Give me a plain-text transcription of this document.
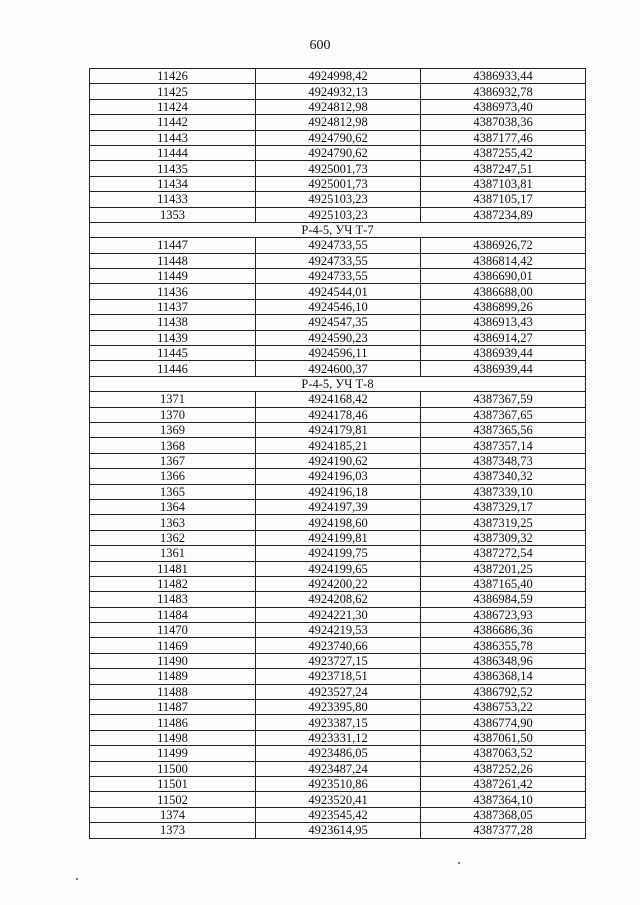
600
11426	4924998,42	4386933,44
11425	4924932,13	4386932,78
11424	4924812,98	4386973,40
11442	4924812,98	4387038,36
11443	4924790,62	4387177,46
11444	4924790,62	4387255,42
11435	4925001,73	4387247,51
11434	4925001,73	4387103,81
11433	4925103,23	4387105,17
1353	4925103,23	4387234,89
Р-4-5, УЧ Т-7		
11447	4924733,55	4386926,72
11448	4924733,55	4386814,42
11449	4924733,55	4386690,01
11436	4924544,01	4386688,00
11437	4924546,10	4386899,26
11438	4924547,35	4386913,43
11439	4924590,23	4386914,27
11445	4924596,11	4386939,44
11446	4924600,37	4386939,44
Р-4-5, УЧ Т-8		
1371	4924168,42	4387367,59
1370	4924178,46	4387367,65
1369	4924179,81	4387365,56
1368	4924185,21	4387357,14
1367	4924190,62	4387348,73
1366	4924196,03	4387340,32
1365	4924196,18	4387339,10
1364	4924197,39	4387329,17
1363	4924198,60	4387319,25
1362	4924199,81	4387309,32
1361	4924199,75	4387272,54
11481	4924199,65	4387201,25
11482	4924200,22	4387165,40
11483	4924208,62	4386984,59
11484	4924221,30	4386723,93
11470	4924219,53	4386686,36
11469	4923740,66	4386355,78
11490	4923727,15	4386348,96
11489	4923718,51	4386368,14
11488	4923527,24	4386792,52
11487	4923395,80	4386753,22
11486	4923387,15	4386774,90
11498	4923331,12	4387061,50
11499	4923486,05	4387063,52
11500	4923487,24	4387252,26
11501	4923510,86	4387261,42
11502	4923520,41	4387364,10
1374	4923545,42	4387368,05
1373	4923614,95	4387377,28
